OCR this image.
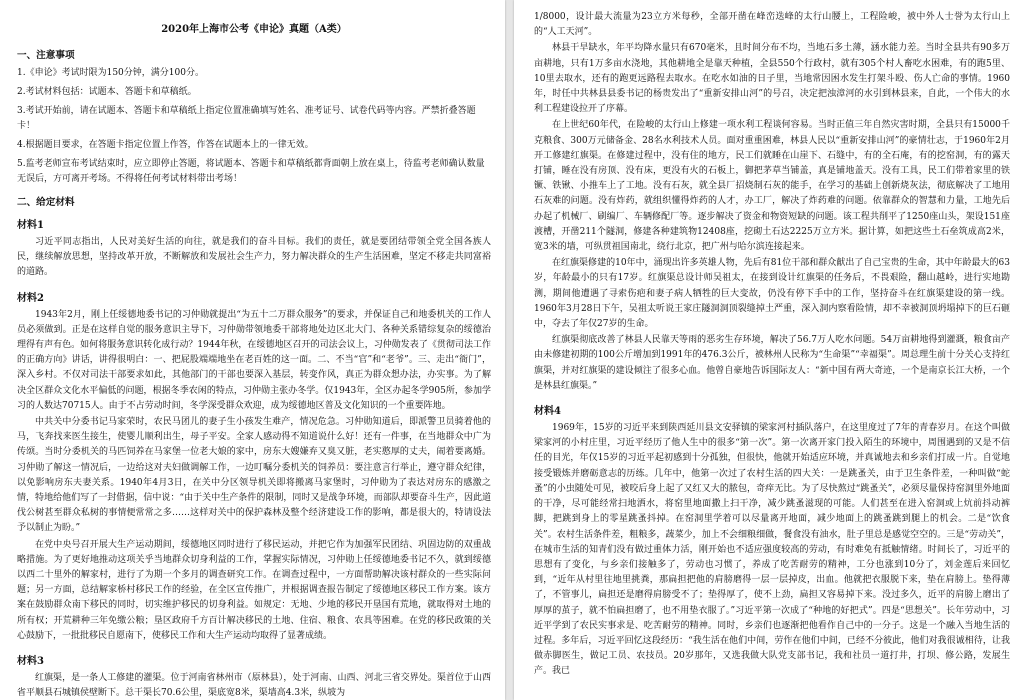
2020年上海市公考《申论》真题（A类）
一、注意事项
1.《申论》考试时限为150分钟，满分100分。
2.考试材料包括：试题本、答题卡和草稿纸。
3.考试开始前，请在试题本、答题卡和草稿纸上指定位置准确填写姓名、准考证号、试卷代码等内容。严禁折叠答题卡！
4.根据题目要求，在答题卡指定位置上作答，作答在试题本上的一律无效。
5.监考老师宣布考试结束时，应立即停止答题，将试题本、答题卡和草稿纸都背面朝上放在桌上，待监考老师确认数量无误后，方可离开考场。不得将任何考试材料带出考场！
二、给定材料
材料1

习近平同志指出，人民对美好生活的向往，就是我们的奋斗目标。我们的责任，就是要团结带领全党全国各族人民，继续解放思想，坚持改革开放，不断解放和发展社会生产力，努力解决群众的生产生活困难，坚定不移走共同富裕的道路。

材料2

1943年2月，刚上任绥德地委书记的习仲勋就提出“为五十二万群众服务”的要求，并保证自己和地委机关的工作人员必须做到。正是在这样自觉的服务意识主导下，习仲勋带领地委干部将地处边区北大门、各种关系错综复杂的绥德治理得有声有色。如何将服务意识转化成行动？1944年秋，在绥德地区召开的司法会议上，习仲勋发表了《贯彻司法工作的正确方向》讲话，讲得很明白：一、把屁股端端地坐在老百姓的这一面。二、不当“官”和“老爷”。三、走出“衙门”，深入乡村。不仅对司法干部要求如此，其他部门的干部也要深入基层，转变作风，真正为群众想办法，办实事。为了解决全区群众文化水平偏低的问题，根据冬季农闲的特点，习仲勋主张办冬学。仅1943年，全区办起冬学905所，参加学习的人数达70715人。由于不占劳动时间，冬学深受群众欢迎，成为绥德地区普及文化知识的一个重要阵地。

中共关中分委书记马家荣时，农民马团儿的妻子生小孩发生难产，情况危急。习仲勋知道后，即派警卫员骑着他的马，飞奔找来医生接生，使婴儿顺利出生，母子平安。全家人感动得不知道说什么好！还有一件事，在当地群众中广为传颂。当时分委机关的马匹饲养在马家堡一位老大娘的家中，房东大嫂嫌弃又臭又脏，老实憨厚的丈夫，闹着要离婚。习仲勋了解这一情况后，一边给这对夫妇做调解工作，一边叮嘱分委机关的饲养员：要注意言行举止，遵守群众纪律，以免影响房东夫妻关系。1940年4月3日，在关中分区领导机关即将搬离马家堡时，习仲勋为了表达对房东的感激之情，特地给他们写了一封借据，信中说：“由于关中生产条件的限制，同时又是战争环境，而部队却要奋斗生产，因此道伐公树甚至群众私树的事情便常常之多……这样对关中的保护森林及整个经济建设工作的影响，都是很大的，特请设法予以制止为盼。”

在党中央号召开展大生产运动期间，绥德地区同时进行了移民运动，并把它作为加强军民团结、巩固边防的双重战略措施。为了更好地推动这项关乎当地群众切身利益的工作，掌握实际情况，习仲勋上任绥德地委书记不久，就到绥德以西二十里外的解家村，进行了为期一个多月的调查研究工作。在调查过程中，一方面帮助解决该村群众的一些实际问题；另一方面，总结解家桥村移民工作的经验，在全区宣传推广，并根据调查报告制定了绥德地区移民工作方案。该方案在鼓励群众南下移民的同时，切实维护移民的切身利益。如规定：无地、少地的移民开垦国有荒地，就取得对土地的所有权；开荒耕种三年免缴公粮；垦区政府千方百计解决移民的土地、住宿、粮食、农具等困难。在党的移民政策的关心鼓励下，一批批移民自愿南下，使移民工作和大生产运动均取得了显著成绩。

材料3

红旗渠，是一条人工修建的灌渠。位于河南省林州市（原林县），处于河南、山西、河北三省交界处。渠首位于山西省平顺县石城镇侯壁断下。总干渠长70.6公里，渠底宽8米，渠墙高4.3米，纵坡为

1/8000，设计最大流量为23立方米每秒，全部开凿在峰峦迭峰的太行山腰上，工程险峻，被中外人士誉为太行山上的“人工天河”。

林县干旱缺水，年平均降水量只有670毫米，且时间分布不均，当地石多土薄，涵水能力差。当时全县共有90多万亩耕地，只有1万多亩水浇地，其他耕地全是靠天种植，全县550个行政村，就有305个村人畜吃水困难，有的跑5里、10里去取水，还有的跑更远路程去取水。在吃水如油的日子里，当地常因困水发生打架斗殴、伤人亡命的事情。1960年，时任中共林县县委书记的杨贵发出了“重新安排山河”的号召，决定把浊漳河的水引到林县来，自此，一个伟大的水利工程建设拉开了序幕。

在上世纪60年代，在险峻的太行山上修建一项水利工程谈何容易。当时正值三年自然灾害时期，全县只有15000千克粮食、300万元储备金、28名水利技术人员。面对重重困难，林县人民以“重新安排山河”的豪情壮志，于1960年2月开工修建红旗渠。在修建过程中，没有住的地方，民工们就睡在山崖下、石缝中，有的全石庵，有的挖窑洞，有的露天打铺，睡在没有房顶、没有床，更没有火的石板上，御把茅草当铺盖，真是铺地盖天。没有工具，民工们带着家里的铁镢、铁锹、小推车上了工地。没有石灰，就全县厂招烧制石灰的能手，在学习的基础上创新烧灰法，彻底解决了工地用石灰难的问题。没有炸药，就组织懂得炸药的人才，办工厂，解决了炸药难的问题。依靠群众的智慧和力量，工地先后办起了机械厂、刷编厂、车辆修配厂等。逐步解决了资金和物资短缺的问题。该工程共削平了1250座山头，架设151座渡槽，开凿211个隧洞，修建各种建筑物12408座，挖砌土石达2225万立方米。据计算，如把这些土石垒筑成高2米，宽3米的墙，可纵贯祖国南北，绕行北京，把广州与哈尔滨连接起来。

在红旗渠修建的10年中，涌现出许多英雄人物，先后有81位干部和群众献出了自己宝贵的生命，其中年龄最大的63岁，年龄最小的只有17岁。红旗渠总设计师吴祖太，在接到设计红旗渠的任务后，不畏艰险，翻山越岭，进行实地勘测，期间他遭遇了寻索伤疤和妻子病人牺牲的巨大变故，仍没有停下手中的工作，坚持奋斗在红旗渠建设的第一线。1960年3月28日下午，吴祖太听说王家庄隧洞洞顶裂缝掉土严重，深入洞内察看险情，却不幸被洞顶坍塌掉下的巨石砸中，夺去了年仅27岁的生命。

红旗渠彻底改善了林县人民靠天等雨的恶劣生存环境，解决了56.7万人吃水问题。54万亩耕地得到灌溉，粮食亩产由未修建初期的100公斤增加到1991年的476.3公斤，被林州人民称为“生命渠”“幸福渠”。周总理生前十分关心支持红旗渠，并对红旗渠的建设倾注了很多心血。他曾自豪地告诉国际友人：“新中国有两大奇迹，一个是南京长江大桥，一个是林县红旗渠。”

材料4

1969年，15岁的习近平来到陕西延川县文安驿镇的梁家河村插队落户，在这里度过了7年的青春岁月。在这个叫做梁家河的小村庄里，习近平经历了他人生中的很多“第一次”。第一次离开家门投入陌生的环境中，周围遇到的又是不信任的目光，年仅15岁的习近平起初感到十分孤独，但很快，他就开始适应环境，并真诚地去和乡亲们打成一片。自觉地接受锻炼并磨砺意志的历练。几年中，他第一次过了农村生活的四大关：一是跳蚤关，由于卫生条件差，一种叫做“蛇蚤”的小虫随处可见，被咬后身上起了又红又大的脓包，奇痒无比。为了尽快熬过“跳蚤关”，必须尽量保持窑洞里外地面的干净，尽可能经常扫地洒水，将窑里地面撒上扫干净，减少跳蚤滋现的可能。人们甚至在进入窑洞或上炕前抖动裤脚，把跳到身上的零星跳蚤抖掉。在窑洞里学着可以尽量离开地面，减少地面上的跳蚤跳到腿上的机会。二是“饮食关”。农村生活条件差，粗粮多，蔬菜少，加上不会细粮细做，餐食没有油水，肚子里总是感觉空空的。三是“劳动关”，在城市生活的知青们没有做过重体力活，刚开始也不适应强度较高的劳动，有时难免有抵触情绪。时间长了，习近平的思想有了变化，与乡亲们接触多了，劳动也习惯了，养成了吃苦耐劳的精神，工分也涨到10分了，刘金莲后来回忆到，“近年从村里往地里挑粪，那扁担把他的肩膀磨得一层一层掉皮，出血。他就把衣服脱下来，垫在肩膀上。垫得薄了，不管事儿，扁担还是磨得肩膀受不了；垫得厚了，使不上劲，扁担又容易掉下来。没过多久，近平的肩膀上磨出了厚厚的茧子，就不怕扁担磨了，也不用垫衣服了。”习近平第一次成了“种地的好把式”。四是“思想关”。长年劳动中，习近平学到了农民实事求是、吃苦耐劳的精神。同时，乡亲们也逐渐把他看作自己中的一分子。这是一个融入当地生活的过程。多年后，习近平回忆这段经历：“我生活在他们中间，劳作在他们中间，已经不分彼此，他们对我很诚相待，让我做赤脚医生，做记工员、农技员。20岁那年，又选我做大队党支部书记，我和社员一道打井，打坝、修公路，发展生产。我已
